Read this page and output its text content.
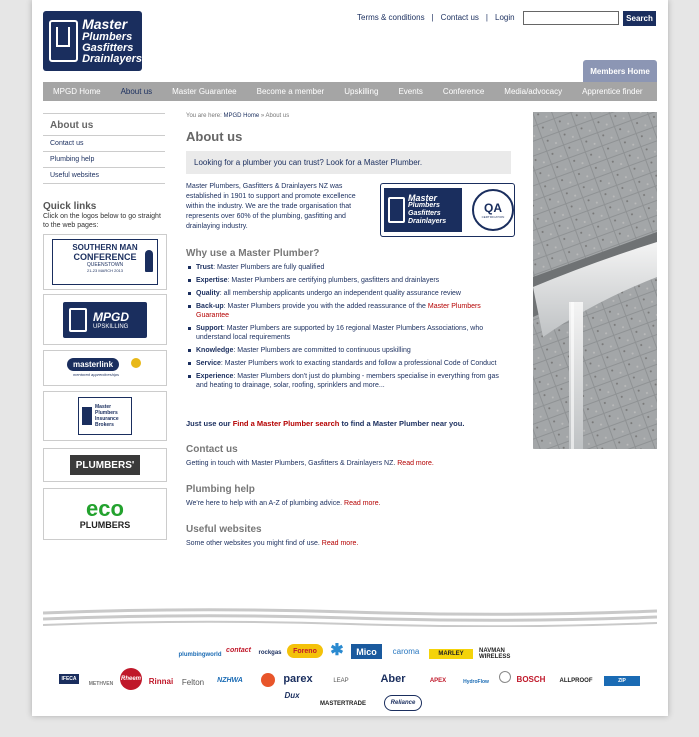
Master
Plumbers
Gasfitters
Drainlayers
Terms & conditions | Contact us | Login	Search
Members Home
MPGD Home	About us	Master Guarantee	Become a member	Upskilling	Events	Conference	Media/advocacy	Apprentice finder
About us
Contact us
Plumbing help
Useful websites
Quick links
Click on the logos below to go straight to the web pages:
SOUTHERN MAN
CONFERENCE
QUEENSTOWN
21-23 MARCH 2013
MPGD
UPSKILLING
masterlink
mentored apprenticeships
Master
Plumbers
Insurance
Brokers
PLUMBERS'
eco
PLUMBERS
You are here: MPGD Home » About us
About us
Looking for a plumber you can trust? Look for a Master Plumber.
Master Plumbers, Gasfitters & Drainlayers NZ was established in 1901 to support and promote excellence within the industry. We are the trade organisation that represents over 60% of the plumbing, gasfitting and drainlaying industry.
Master
Plumbers
Gasfitters
Drainlayers
QA
CERTIFICATION
Why use a Master Plumber?
Trust: Master Plumbers are fully qualified
Expertise: Master Plumbers are certifying plumbers, gasfitters and drainlayers
Quality: all membership applicants undergo an independent quality assurance review
Back-up: Master Plumbers provide you with the added reassurance of the Master Plumbers Guarantee
Support: Master Plumbers are supported by 16 regional Master Plumbers Associations, who understand local requirements
Knowledge: Master Plumbers are committed to continuous upskilling
Service: Master Plumbers work to exacting standards and follow a professional Code of Conduct
Experience: Master Plumbers don't just do plumbing - members specialise in everything from gas and heating to drainage, solar, roofing, sprinklers and more...
Just use our Find a Master Plumber search to find a Master Plumber near you.
Contact us
Getting in touch with Master Plumbers, Gasfitters & Drainlayers NZ. Read more.
Plumbing help
We're here to help with an A-Z of plumbing advice. Read more.
Useful websites
Some other websites you might find of use. Read more.
plumbingworld
contact	rockgas	Foreno ✱	Mico	caroma	MARLEY	NAVMAN WIRELESS
IFECA
METHVEN
Rheem Rinnai	Felton	NZHWA	parex	LEAP	Aber	APEX	HydroFlow	BOSCH	ALLPROOF	ZIP
Dux
MASTERTRADE	Reliance
